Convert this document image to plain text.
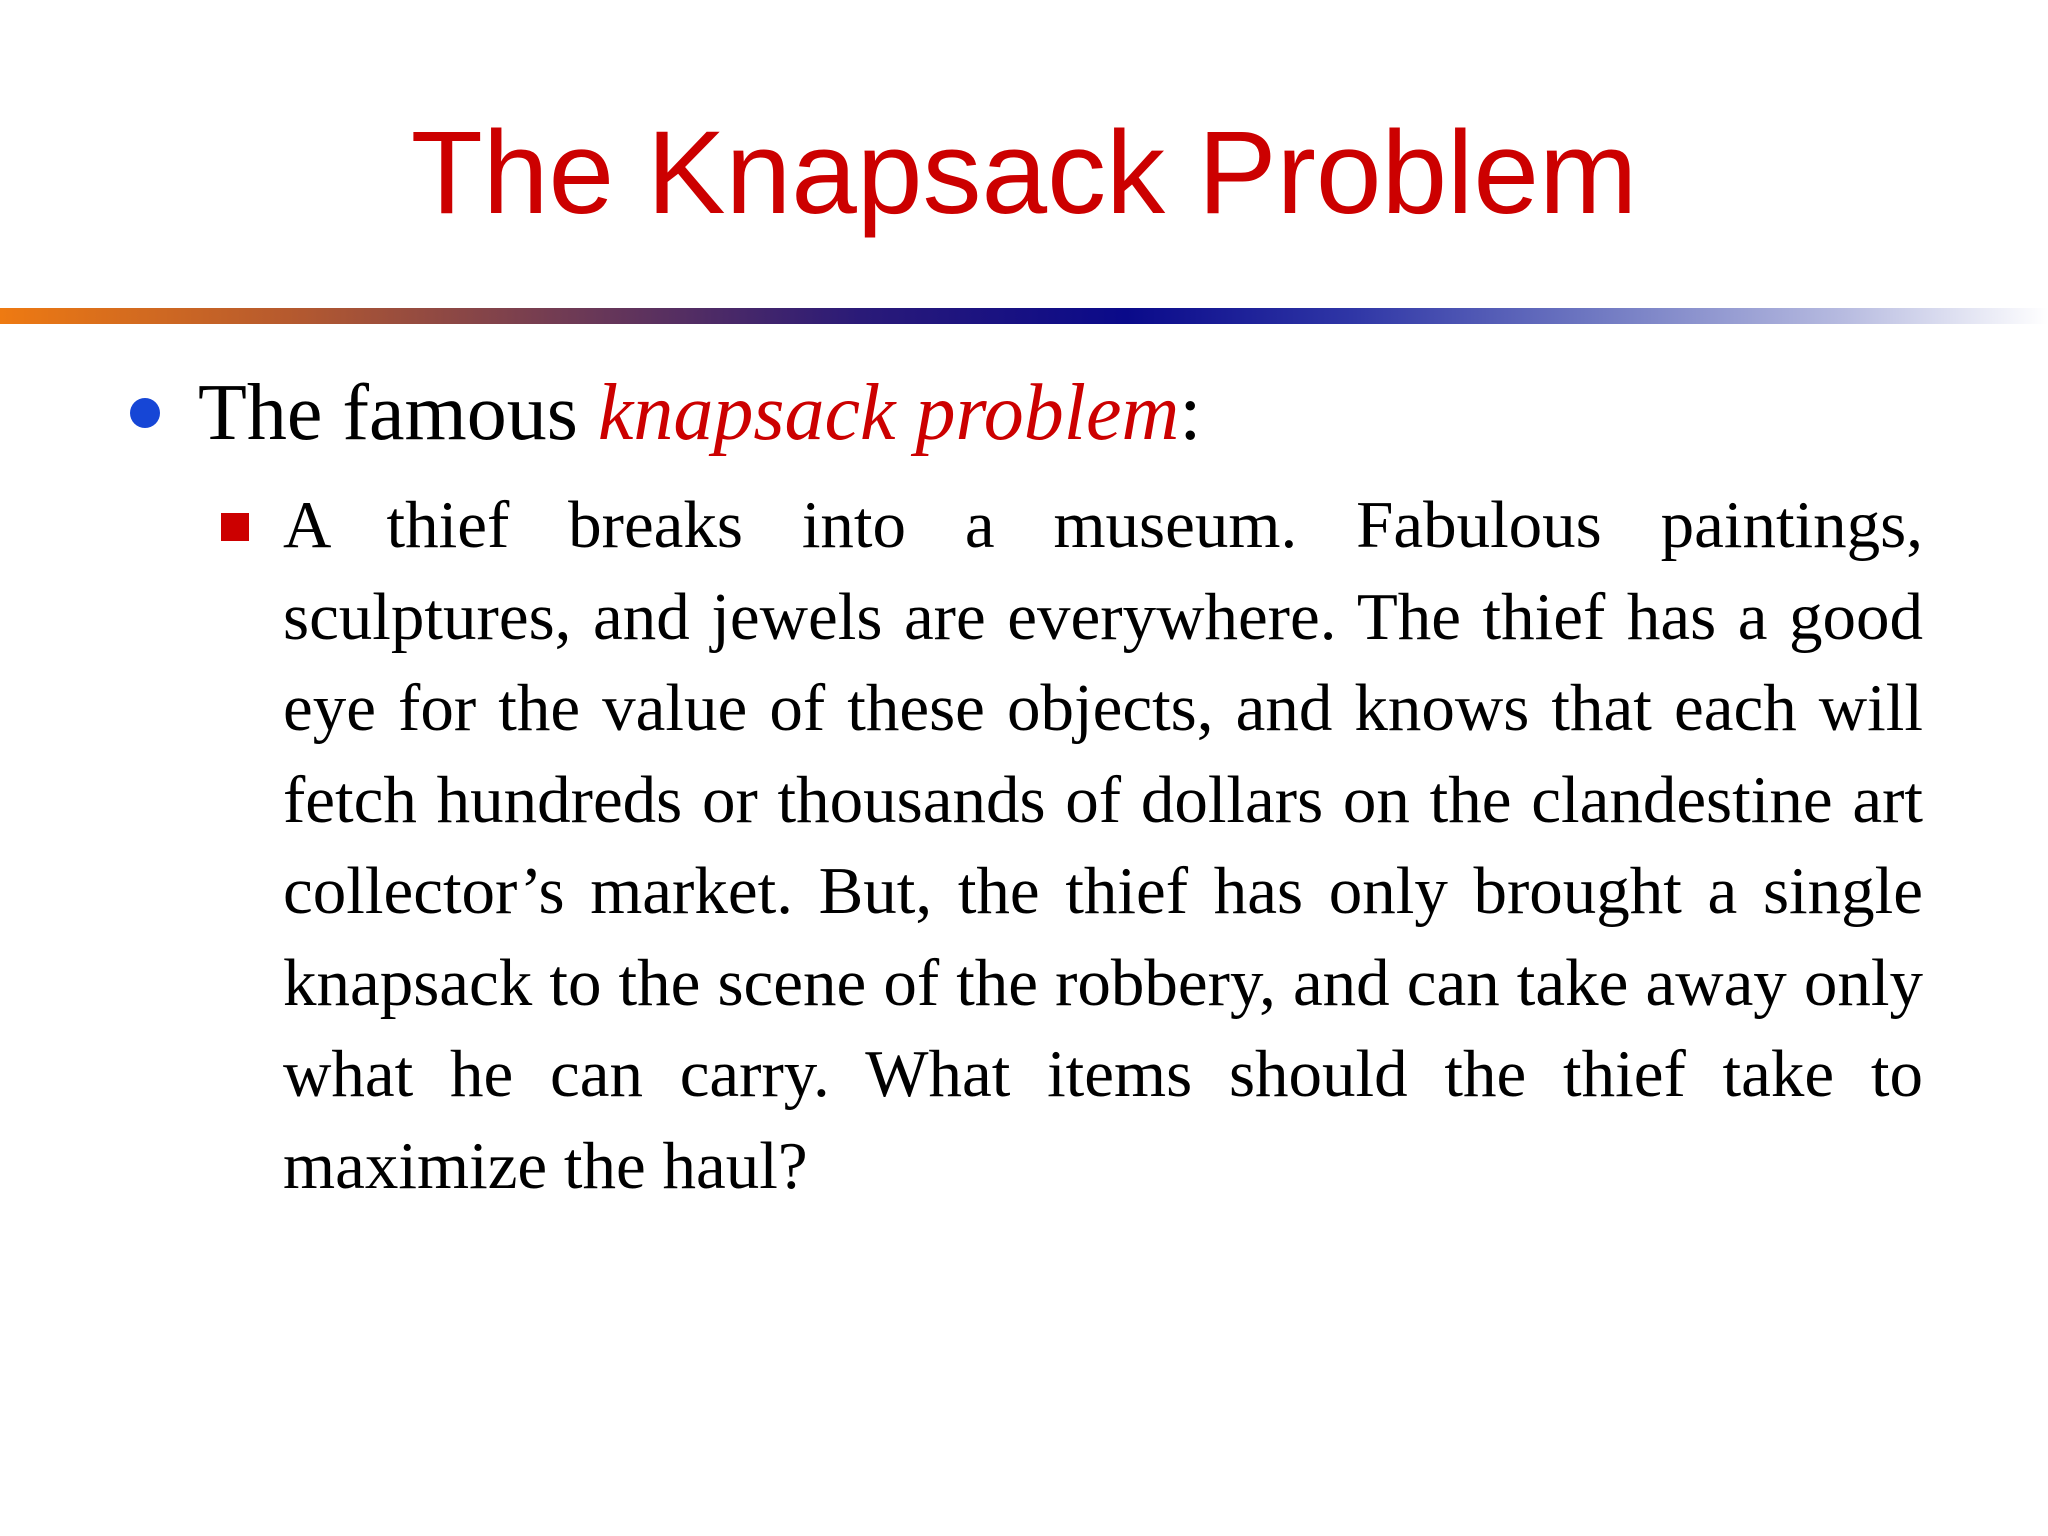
The Knapsack Problem
The famous knapsack problem:

A thief breaks into a museum. Fabulous paintings, sculptures, and jewels are everywhere. The thief has a good eye for the value of these objects, and knows that each will fetch hundreds or thousands of dollars on the clandestine art collector’s market. But, the thief has only brought a single knapsack to the scene of the robbery, and can take away only what he can carry. What items should the thief take to maximize the haul?
